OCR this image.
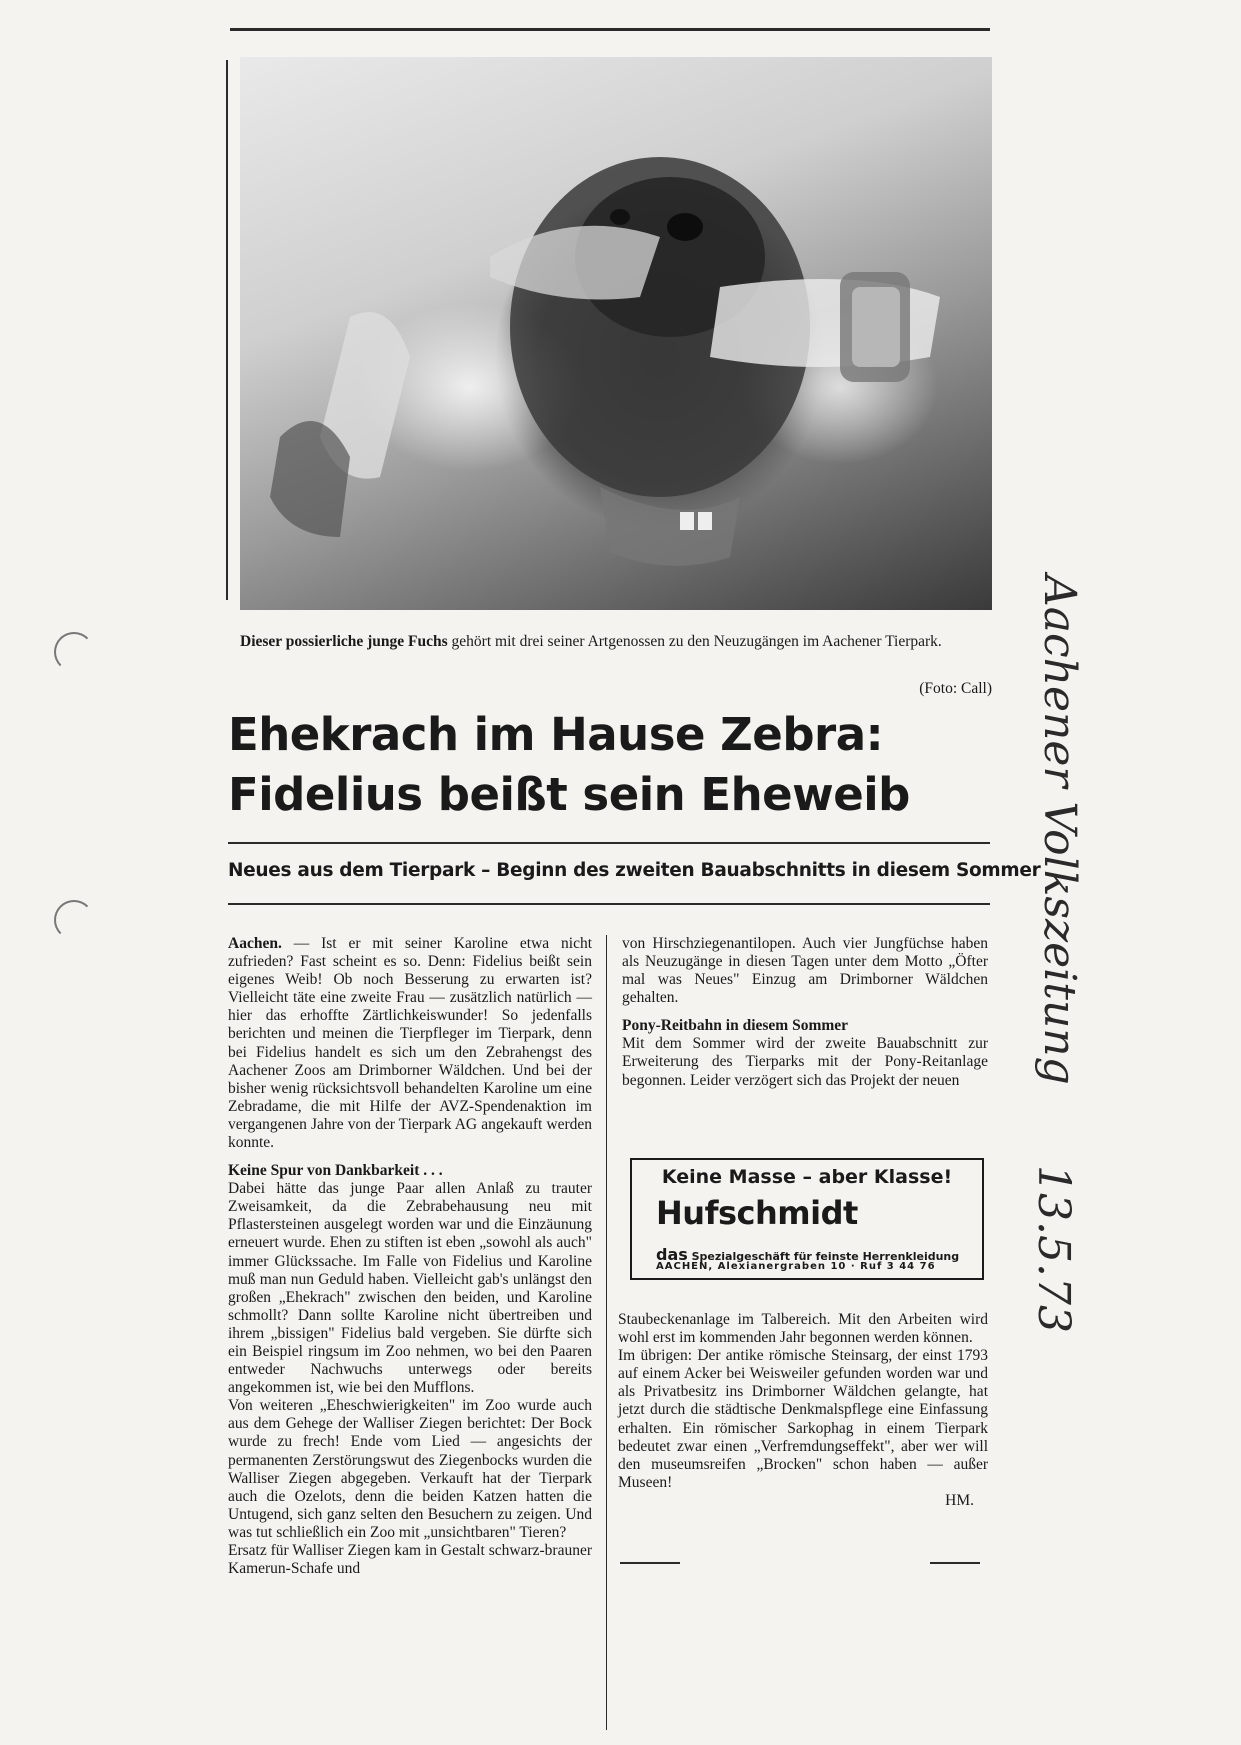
Dieser possierliche junge Fuchs gehört mit drei seiner Artgenossen zu den Neuzugängen im Aachener Tierpark.
(Foto: Call)
Ehekrach im Hause Zebra:
Fidelius beißt sein Eheweib
Neues aus dem Tierpark – Beginn des zweiten Bauabschnitts in diesem Sommer

Aachen. — Ist er mit seiner Karoline etwa nicht zufrieden? Fast scheint es so. Denn: Fidelius beißt sein eigenes Weib! Ob noch Besserung zu erwarten ist? Vielleicht täte eine zweite Frau — zusätzlich natürlich — hier das erhoffte Zärtlichkeiswunder! So jedenfalls berichten und meinen die Tierpfleger im Tierpark, denn bei Fidelius handelt es sich um den Zebrahengst des Aachener Zoos am Drimborner Wäldchen. Und bei der bisher wenig rücksichtsvoll behandelten Karoline um eine Zebradame, die mit Hilfe der AVZ-Spendenaktion im vergangenen Jahre von der Tierpark AG angekauft werden konnte.

Keine Spur von Dankbarkeit . . .

Dabei hätte das junge Paar allen Anlaß zu trauter Zweisamkeit, da die Zebrabehausung neu mit Pflastersteinen ausgelegt worden war und die Einzäunung erneuert wurde. Ehen zu stiften ist eben „sowohl als auch" immer Glückssache. Im Falle von Fidelius und Karoline muß man nun Geduld haben. Vielleicht gab's unlängst den großen „Ehekrach" zwischen den beiden, und Karoline schmollt? Dann sollte Karoline nicht übertreiben und ihrem „bissigen" Fidelius bald vergeben. Sie dürfte sich ein Beispiel ringsum im Zoo nehmen, wo bei den Paaren entweder Nachwuchs unterwegs oder bereits angekommen ist, wie bei den Mufflons.

Von weiteren „Eheschwierigkeiten" im Zoo wurde auch aus dem Gehege der Walliser Ziegen berichtet: Der Bock wurde zu frech! Ende vom Lied — angesichts der permanenten Zerstörungswut des Ziegenbocks wurden die Walliser Ziegen abgegeben. Verkauft hat der Tierpark auch die Ozelots, denn die beiden Katzen hatten die Untugend, sich ganz selten den Besuchern zu zeigen. Und was tut schließlich ein Zoo mit „unsichtbaren" Tieren?

Ersatz für Walliser Ziegen kam in Gestalt schwarz-brauner Kamerun-Schafe und

von Hirschziegenantilopen. Auch vier Jungfüchse haben als Neuzugänge in diesen Tagen unter dem Motto „Öfter mal was Neues" Einzug am Drimborner Wäldchen gehalten.

Pony-Reitbahn in diesem Sommer

Mit dem Sommer wird der zweite Bauabschnitt zur Erweiterung des Tierparks mit der Pony-Reitanlage begonnen. Leider verzögert sich das Projekt der neuen

Keine Masse – aber Klasse!
Hufschmidt
das Spezialgeschäft für feinste Herrenkleidung
AACHEN, Alexianergraben 10 · Ruf 3 44 76

Staubeckenanlage im Talbereich. Mit den Arbeiten wird wohl erst im kommenden Jahr begonnen werden können.

Im übrigen: Der antike römische Steinsarg, der einst 1793 auf einem Acker bei Weisweiler gefunden worden war und als Privatbesitz ins Drimborner Wäldchen gelangte, hat jetzt durch die städtische Denkmalspflege eine Einfassung erhalten. Ein römischer Sarkophag in einem Tierpark bedeutet zwar einen „Verfremdungseffekt", aber wer will den museumsreifen „Brocken" schon haben — außer Museen!

HM.

Aachener Volkszeitung
13.5.73
